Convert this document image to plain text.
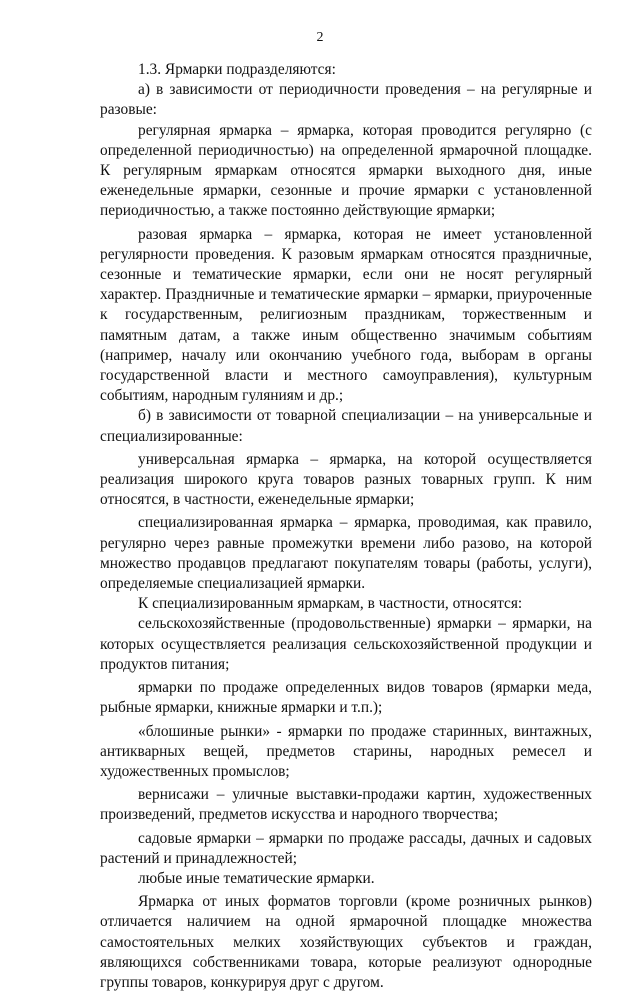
2

1.3. Ярмарки подразделяются:

а) в зависимости от периодичности проведения – на регулярные и разовые:

регулярная ярмарка – ярмарка, которая проводится регулярно (с определенной периодичностью) на определенной ярмарочной площадке. К регулярным ярмаркам относятся ярмарки выходного дня, иные еженедельные ярмарки, сезонные и прочие ярмарки с установленной периодичностью, а также постоянно действующие ярмарки;

разовая ярмарка – ярмарка, которая не имеет установленной регулярности проведения. К разовым ярмаркам относятся праздничные, сезонные и тематические ярмарки, если они не носят регулярный характер. Праздничные и тематические ярмарки – ярмарки, приуроченные к государственным, религиозным праздникам, торжественным и памятным датам, а также иным общественно значимым событиям (например, началу или окончанию учебного года, выборам в органы государственной власти и местного самоуправления), культурным событиям, народным гуляниям и др.;

б) в зависимости от товарной специализации – на универсальные и специализированные:

универсальная ярмарка – ярмарка, на которой осуществляется реализация широкого круга товаров разных товарных групп. К ним относятся, в частности, еженедельные ярмарки;

специализированная ярмарка – ярмарка, проводимая, как правило, регулярно через равные промежутки времени либо разово, на которой множество продавцов предлагают покупателям товары (работы, услуги), определяемые специализацией ярмарки.

К специализированным ярмаркам, в частности, относятся:

сельскохозяйственные (продовольственные) ярмарки – ярмарки, на которых осуществляется реализация сельскохозяйственной продукции и продуктов питания;

ярмарки по продаже определенных видов товаров (ярмарки меда, рыбные ярмарки, книжные ярмарки и т.п.);

«блошиные рынки» - ярмарки по продаже старинных, винтажных, антикварных вещей, предметов старины, народных ремесел и художественных промыслов;

вернисажи – уличные выставки-продажи картин, художественных произведений, предметов искусства и народного творчества;

садовые ярмарки – ярмарки по продаже рассады, дачных и садовых растений и принадлежностей;

любые иные тематические ярмарки.

Ярмарка от иных форматов торговли (кроме розничных рынков) отличается наличием на одной ярмарочной площадке множества самостоятельных мелких хозяйствующих субъектов и граждан, являющихся собственниками товара, которые реализуют однородные группы товаров, конкурируя друг с другом.
